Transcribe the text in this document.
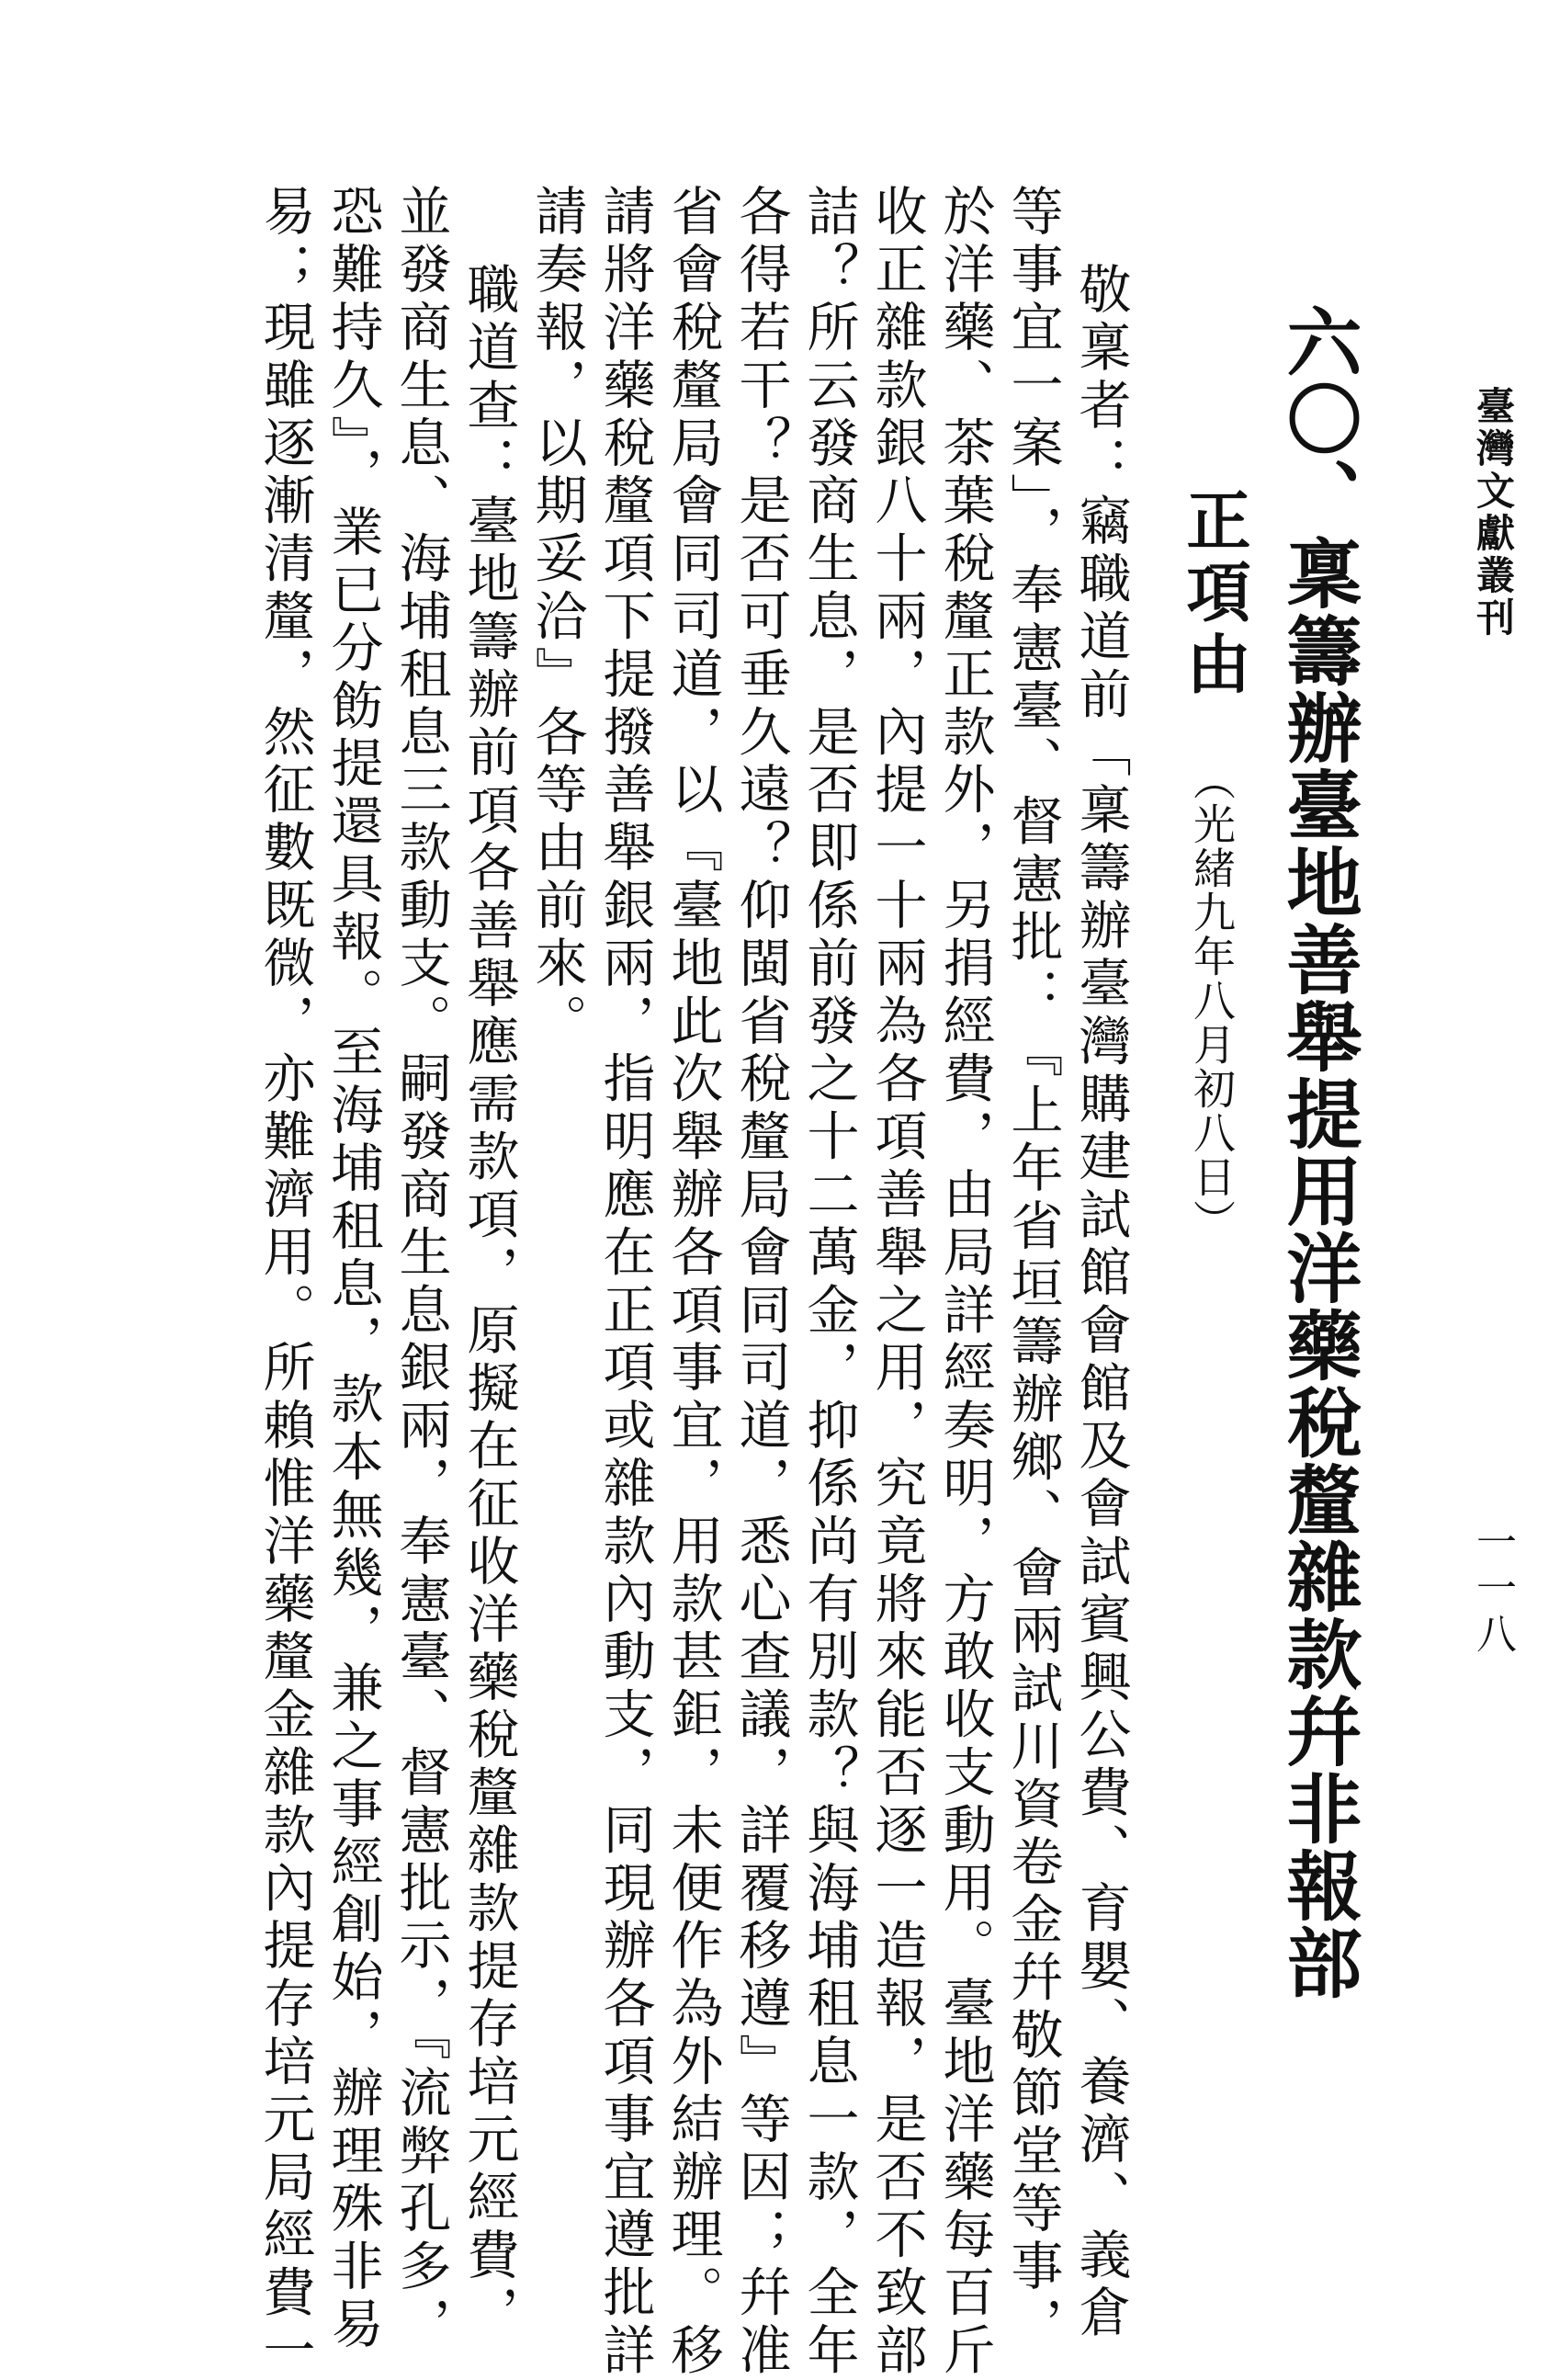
臺灣文獻叢刊
一一八
六〇、稟籌辦臺地善舉提用洋藥稅釐雜款幷非報部
正項由
（光緒九年八月初八日）
敬稟者：竊職道前「稟籌辦臺灣購建試館會館及會試賓興公費、育嬰、養濟、義倉
等事宜一案」，奉憲臺、督憲批：『上年省垣籌辦鄉、會兩試川資卷金幷敬節堂等事，
於洋藥、茶葉稅釐正款外，另捐經費，由局詳經奏明，方敢收支動用。臺地洋藥每百斤
收正雜款銀八十兩，內提一十兩為各項善舉之用，究竟將來能否逐一造報，是否不致部
詰？所云發商生息，是否即係前發之十二萬金，抑係尚有別款？與海埔租息一款，全年
各得若干？是否可垂久遠？仰閩省稅釐局會同司道，悉心查議，詳覆移遵』等因；幷准
省會稅釐局會同司道，以『臺地此次舉辦各項事宜，用款甚鉅，未便作為外結辦理。移
請將洋藥稅釐項下提撥善舉銀兩，指明應在正項或雜款內動支，同現辦各項事宜遵批詳
請奏報，以期妥洽』各等由前來。
職道查：臺地籌辦前項各善舉應需款項，原擬在征收洋藥稅釐雜款提存培元經費，
並發商生息、海埔租息三款動支。嗣發商生息銀兩，奉憲臺、督憲批示，『流弊孔多，
恐難持久』，業已分飭提還具報。至海埔租息，款本無幾，兼之事經創始，辦理殊非易
易；現雖逐漸清釐，然征數既微，亦難濟用。所賴惟洋藥釐金雜款內提存培元局經費一
